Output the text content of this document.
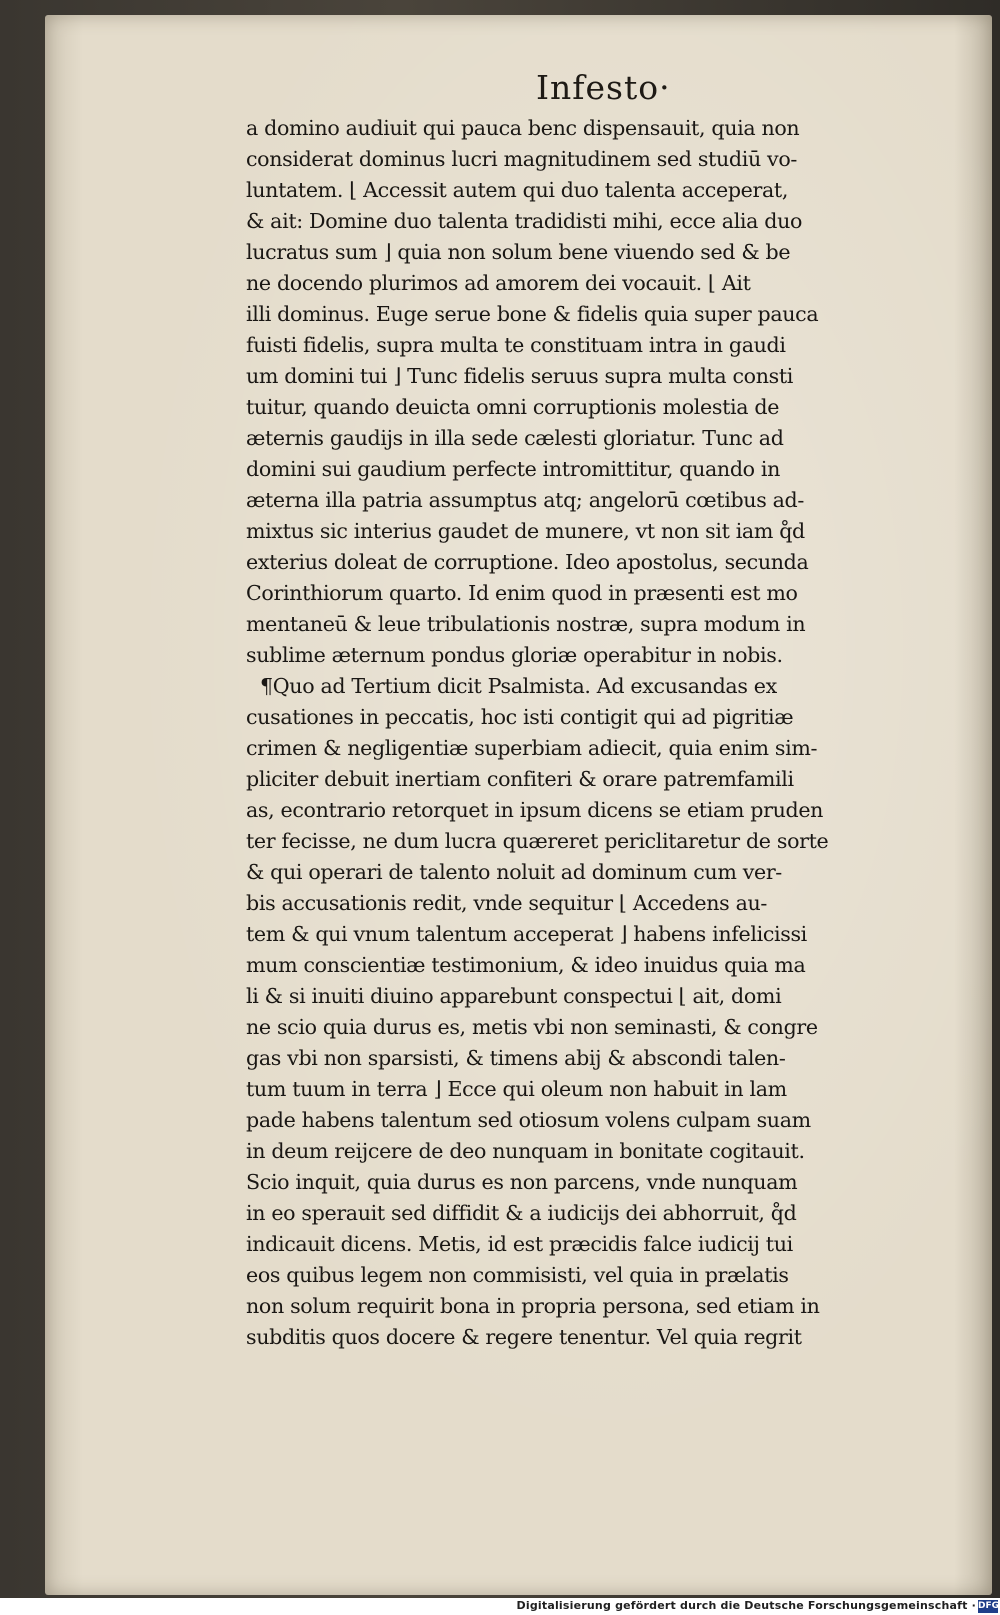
Infesto·
a domino audiuit qui pauca benc dispensauit, quia non
considerat dominus lucri magnitudinem sed studiū vo-
luntatem. ⌊ Accessit autem qui duo talenta acceperat,
& ait: Domine duo talenta tradidisti mihi, ecce alia duo
lucratus sum ⌋ quia non solum bene viuendo sed & be
ne docendo plurimos ad amorem dei vocauit. ⌊ Ait
illi dominus. Euge serue bone & fidelis quia super pauca
fuisti fidelis, supra multa te constituam intra in gaudi
um domini tui ⌋ Tunc fidelis seruus supra multa consti
tuitur, quando deuicta omni corruptionis molestia de
æternis gaudijs in illa sede cælesti gloriatur. Tunc ad
domini sui gaudium perfecte intromittitur, quando in
æterna illa patria assumptus atq; angelorū cœtibus ad-
mixtus sic interius gaudet de munere, vt non sit iam q̊d
exterius doleat de corruptione. Ideo apostolus, secunda
Corinthiorum quarto. Id enim quod in præsenti est mo
mentaneū & leue tribulationis nostræ, supra modum in
sublime æternum pondus gloriæ operabitur in nobis.
¶Quo ad Tertium dicit Psalmista. Ad excusandas ex
cusationes in peccatis, hoc isti contigit qui ad pigritiæ
crimen & negligentiæ superbiam adiecit, quia enim sim-
pliciter debuit inertiam confiteri & orare patremfamili
as, econtrario retorquet in ipsum dicens se etiam pruden
ter fecisse, ne dum lucra quæreret periclitaretur de sorte
& qui operari de talento noluit ad dominum cum ver-
bis accusationis redit, vnde sequitur ⌊ Accedens au-
tem & qui vnum talentum acceperat ⌋ habens infelicissi
mum conscientiæ testimonium, & ideo inuidus quia ma
li & si inuiti diuino apparebunt conspectui ⌊ ait, domi
ne scio quia durus es, metis vbi non seminasti, & congre
gas vbi non sparsisti, & timens abij & abscondi talen-
tum tuum in terra ⌋ Ecce qui oleum non habuit in lam
pade habens talentum sed otiosum volens culpam suam
in deum reijcere de deo nunquam in bonitate cogitauit.
Scio inquit, quia durus es non parcens, vnde nunquam
in eo sperauit sed diffidit & a iudicijs dei abhorruit, q̊d
indicauit dicens. Metis, id est præcidis falce iudicij tui
eos quibus legem non commisisti, vel quia in prælatis
non solum requirit bona in propria persona, sed etiam in
subditis quos docere & regere tenentur. Vel quia regrit
Digitalisierung gefördert durch die Deutsche Forschungsgemeinschaft · DFG
